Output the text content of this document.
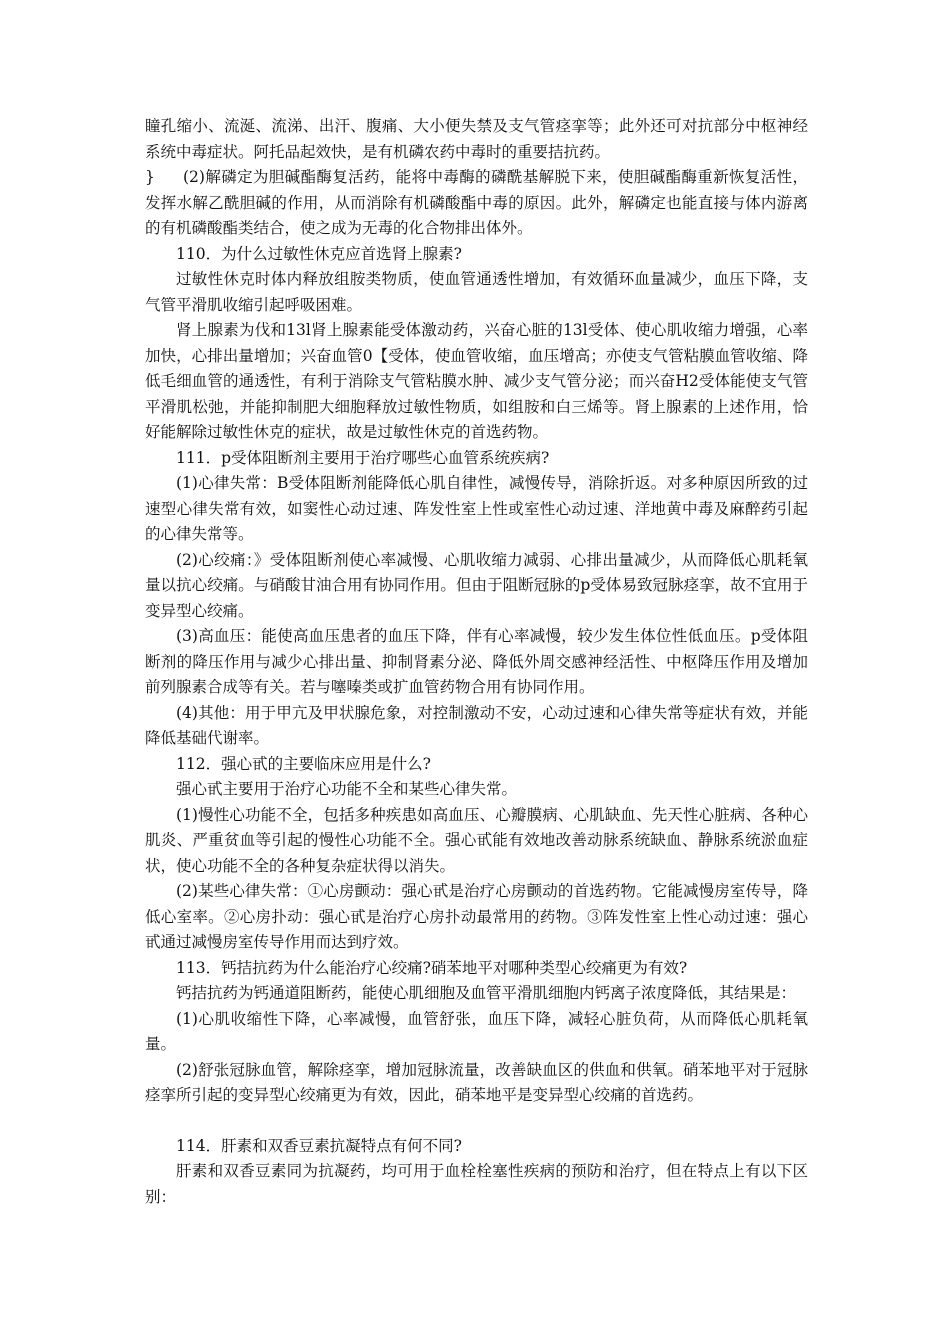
瞳孔缩小、流涎、流涕、出汗、腹痛、大小便失禁及支气管痉挛等；此外还可对抗部分中枢神经系统中毒症状。阿托品起效快，是有机磷农药中毒时的重要拮抗药。

} (2)解磷定为胆碱酯酶复活药，能将中毒酶的磷酰基解脱下来，使胆碱酯酶重新恢复活性，发挥水解乙酰胆碱的作用，从而消除有机磷酸酯中毒的原因。此外，解磷定也能直接与体内游离的有机磷酸酯类结合，使之成为无毒的化合物排出体外。

110．为什么过敏性休克应首选肾上腺素?

过敏性休克时体内释放组胺类物质，使血管通透性增加，有效循环血量减少，血压下降，支气管平滑肌收缩引起呼吸困难。

肾上腺素为伐和13l肾上腺素能受体激动药，兴奋心脏的13l受体、使心肌收缩力增强，心率加快，心排出量增加；兴奋血管0【受体，使血管收缩，血压增高；亦使支气管粘膜血管收缩、降低毛细血管的通透性，有利于消除支气管粘膜水肿、减少支气管分泌；而兴奋H2受体能使支气管平滑肌松弛，并能抑制肥大细胞释放过敏性物质，如组胺和白三烯等。肾上腺素的上述作用，恰好能解除过敏性休克的症状，故是过敏性休克的首选药物。

111．p受体阻断剂主要用于治疗哪些心血管系统疾病?

(1)心律失常：B受体阻断剂能降低心肌自律性，减慢传导，消除折返。对多种原因所致的过速型心律失常有效，如窦性心动过速、阵发性室上性或室性心动过速、洋地黄中毒及麻醉药引起的心律失常等。

(2)心绞痛：》受体阻断剂使心率减慢、心肌收缩力减弱、心排出量减少，从而降低心肌耗氧量以抗心绞痛。与硝酸甘油合用有协同作用。但由于阻断冠脉的p受体易致冠脉痉挛，故不宜用于变异型心绞痛。

(3)高血压：能使高血压患者的血压下降，伴有心率减慢，较少发生体位性低血压。p受体阻断剂的降压作用与减少心排出量、抑制肾素分泌、降低外周交感神经活性、中枢降压作用及增加前列腺素合成等有关。若与噻嗪类或扩血管药物合用有协同作用。

(4)其他：用于甲亢及甲状腺危象，对控制激动不安，心动过速和心律失常等症状有效，并能降低基础代谢率。

112．强心甙的主要临床应用是什么?

强心甙主要用于治疗心功能不全和某些心律失常。

(1)慢性心功能不全，包括多种疾患如高血压、心瓣膜病、心肌缺血、先天性心脏病、各种心肌炎、严重贫血等引起的慢性心功能不全。强心甙能有效地改善动脉系统缺血、静脉系统淤血症状，使心功能不全的各种复杂症状得以消失。

(2)某些心律失常：①心房颤动：强心甙是治疗心房颤动的首选药物。它能减慢房室传导，降低心室率。②心房扑动：强心甙是治疗心房扑动最常用的药物。③阵发性室上性心动过速：强心甙通过减慢房室传导作用而达到疗效。

113．钙拮抗药为什么能治疗心绞痛?硝苯地平对哪种类型心绞痛更为有效?

钙拮抗药为钙通道阻断药，能使心肌细胞及血管平滑肌细胞内钙离子浓度降低，其结果是：

(1)心肌收缩性下降，心率减慢，血管舒张，血压下降，减轻心脏负荷，从而降低心肌耗氧量。

(2)舒张冠脉血管，解除痉挛，增加冠脉流量，改善缺血区的供血和供氧。硝苯地平对于冠脉痉挛所引起的变异型心绞痛更为有效，因此，硝苯地平是变异型心绞痛的首选药。

114．肝素和双香豆素抗凝特点有何不同?

肝素和双香豆素同为抗凝药，均可用于血栓栓塞性疾病的预防和治疗，但在特点上有以下区别：
